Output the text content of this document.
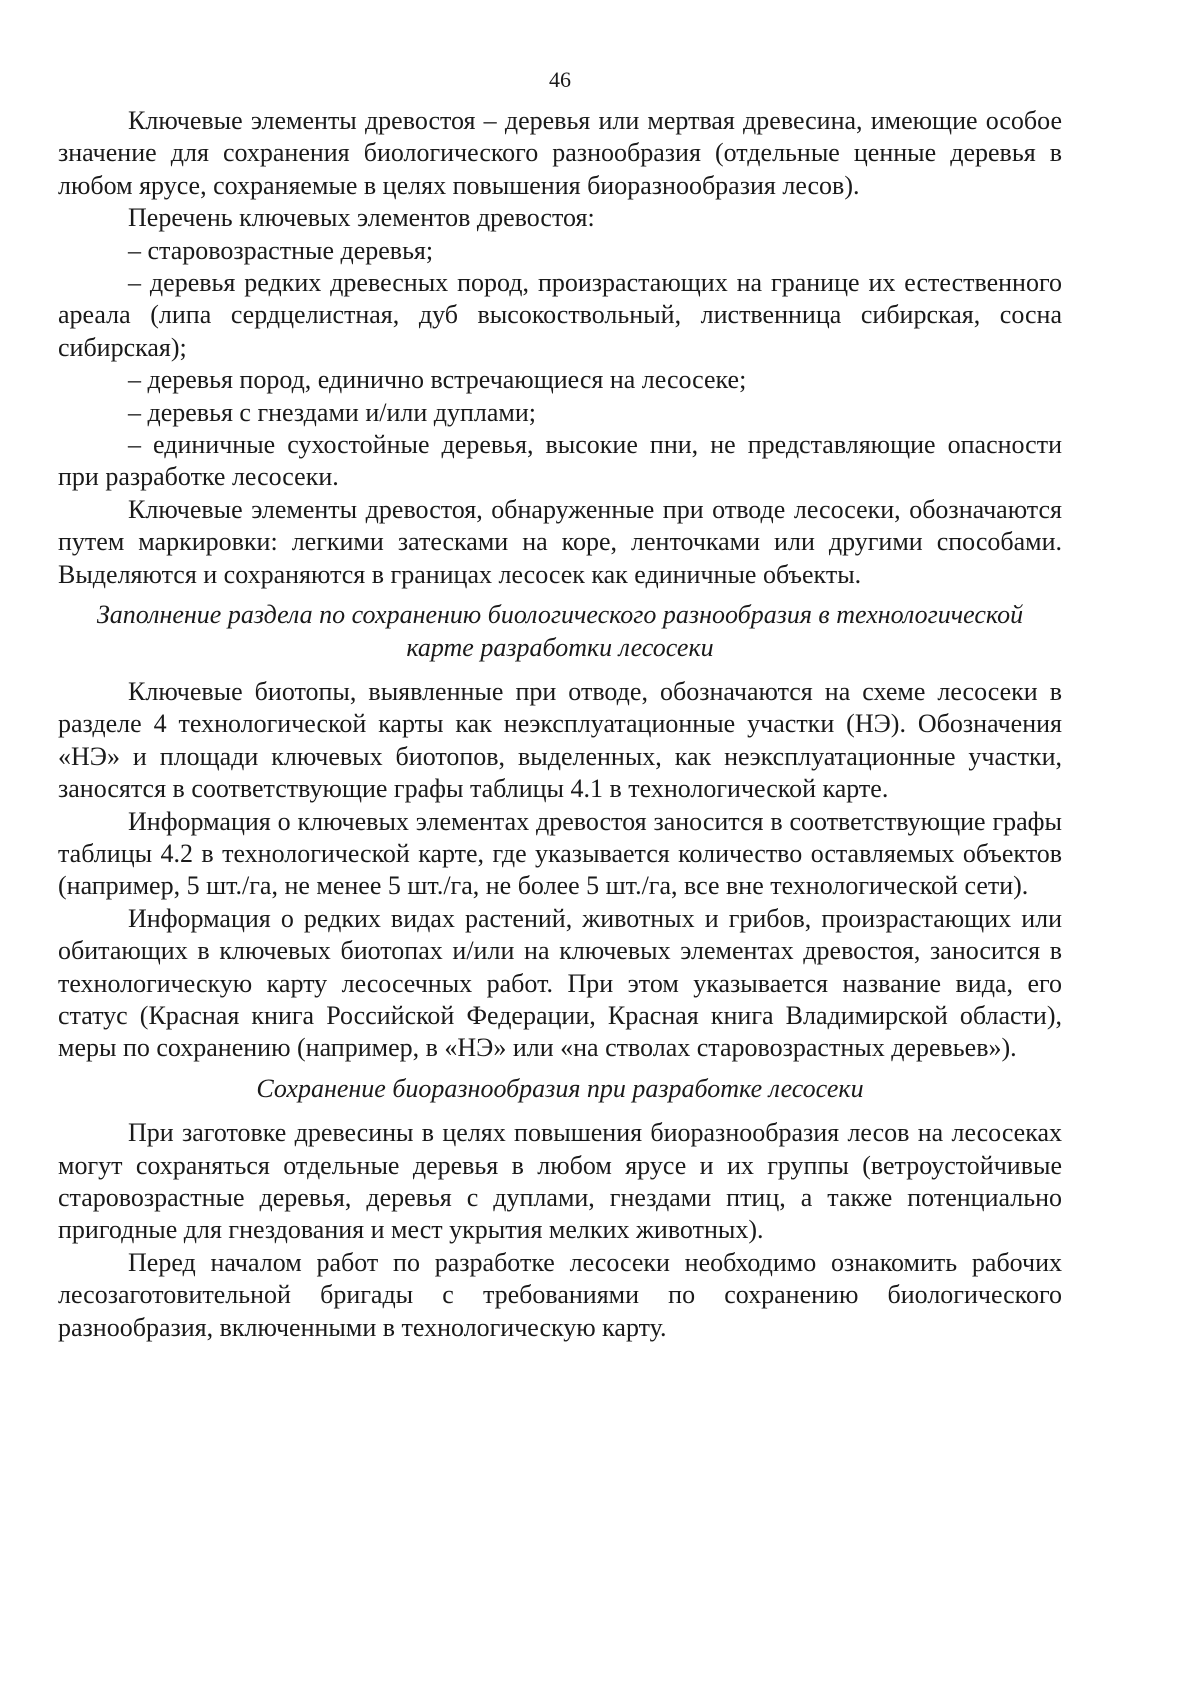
46

Ключевые элементы древостоя – деревья или мертвая древесина, имеющие особое значение для сохранения биологического разнообразия (отдельные ценные деревья в любом ярусе, сохраняемые в целях повышения биоразнообразия лесов).

Перечень ключевых элементов древостоя:

– старовозрастные деревья;

– деревья редких древесных пород, произрастающих на границе их естественного ареала (липа сердцелистная, дуб высокоствольный, лиственница сибирская, сосна сибирская);

– деревья пород, единично встречающиеся на лесосеке;

– деревья с гнездами и/или дуплами;

– единичные сухостойные деревья, высокие пни, не представляющие опасности при разработке лесосеки.

Ключевые элементы древостоя, обнаруженные при отводе лесосеки, обозначаются путем маркировки: легкими затесками на коре, ленточками или другими способами. Выделяются и сохраняются в границах лесосек как единичные объекты.

Заполнение раздела по сохранению биологического разнообразия в технологической карте разработки лесосеки

Ключевые биотопы, выявленные при отводе, обозначаются на схеме лесосеки в разделе 4 технологической карты как неэксплуатационные участки (НЭ). Обозначения «НЭ» и площади ключевых биотопов, выделенных, как неэксплуатационные участки, заносятся в соответствующие графы таблицы 4.1 в технологической карте.

Информация о ключевых элементах древостоя заносится в соответствующие графы таблицы 4.2 в технологической карте, где указывается количество оставляемых объектов (например, 5 шт./га, не менее 5 шт./га, не более 5 шт./га, все вне технологической сети).

Информация о редких видах растений, животных и грибов, произрастающих или обитающих в ключевых биотопах и/или на ключевых элементах древостоя, заносится в технологическую карту лесосечных работ. При этом указывается название вида, его статус (Красная книга Российской Федерации, Красная книга Владимирской области), меры по сохранению (например, в «НЭ» или «на стволах старовозрастных деревьев»).

Сохранение биоразнообразия при разработке лесосеки

При заготовке древесины в целях повышения биоразнообразия лесов на лесосеках могут сохраняться отдельные деревья в любом ярусе и их группы (ветроустойчивые старовозрастные деревья, деревья с дуплами, гнездами птиц, а также потенциально пригодные для гнездования и мест укрытия мелких животных).

Перед началом работ по разработке лесосеки необходимо ознакомить рабочих лесозаготовительной бригады с требованиями по сохранению биологического разнообразия, включенными в технологическую карту.
